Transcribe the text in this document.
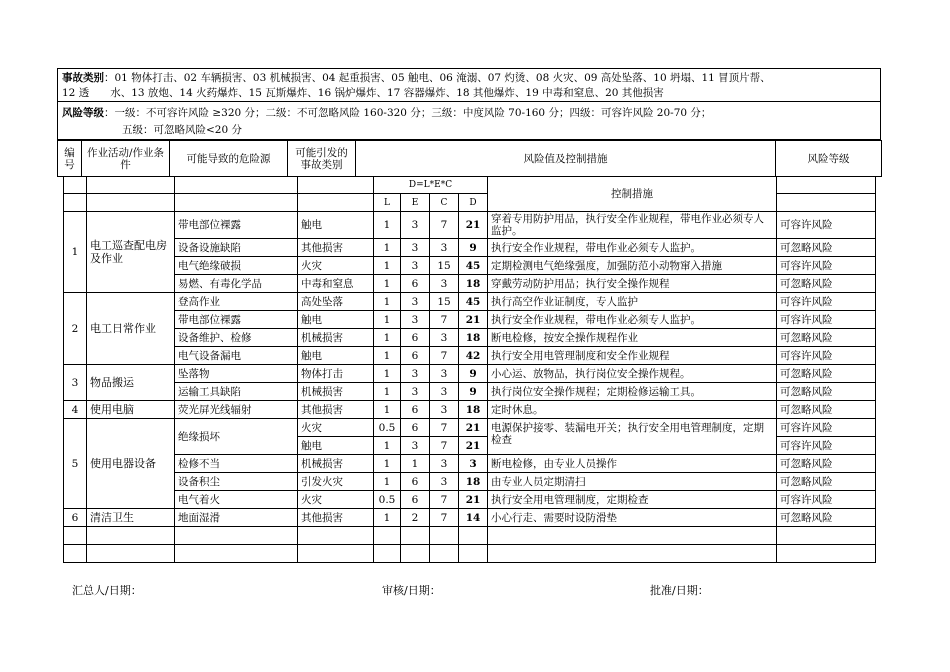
事故类别：01 物体打击、02 车辆损害、03 机械损害、04 起重损害、05 触电、06 淹溺、07 灼烫、08 火灾、09 高处坠落、10 坍塌、11 冒顶片帮、
12 透　　水、13 放炮、14 火药爆炸、15 瓦斯爆炸、16 锅炉爆炸、17 容器爆炸、18 其他爆炸、19 中毒和窒息、20 其他损害
风险等级：一级：不可容许风险 ≥320 分；二级：不可忽略风险 160-320 分；三级：中度风险 70-160 分；四级：可容许风险 20-70 分；
五级：可忽略风险<20 分
编号	作业活动/作业条件	可能导致的危险源	可能引发的事故类别	风险值及控制措施	风险等级
				D=L*E*C				控制措施	
				L	E	C	D		
1	电工巡查配电房及作业	带电部位裸露	触电	1	3	7	21	穿着专用防护用品，执行安全作业规程，带电作业必须专人监护。	可容许风险
		设备设施缺陷	其他损害	1	3	3	9	执行安全作业规程，带电作业必须专人监护。	可忽略风险
		电气绝缘破损	火灾	1	3	15	45	定期检测电气绝缘强度，加强防范小动物窜入措施	可容许风险
		易燃、有毒化学品	中毒和窒息	1	6	3	18	穿戴劳动防护用品；执行安全操作规程	可忽略风险
2	电工日常作业	登高作业	高处坠落	1	3	15	45	执行高空作业证制度，专人监护	可容许风险
		带电部位裸露	触电	1	3	7	21	执行安全作业规程，带电作业必须专人监护。	可容许风险
		设备维护、检修	机械损害	1	6	3	18	断电检修，按安全操作规程作业	可忽略风险
		电气设备漏电	触电	1	6	7	42	执行安全用电管理制度和安全作业规程	可容许风险
3	物品搬运	坠落物	物体打击	1	3	3	9	小心运、放物品，执行岗位安全操作规程。	可忽略风险
		运输工具缺陷	机械损害	1	3	3	9	执行岗位安全操作规程；定期检修运输工具。	可忽略风险
4	使用电脑	荧光屏光线辐射	其他损害	1	6	3	18	定时休息。	可忽略风险
5	使用电器设备	绝缘损坏	火灾	0.5	6	7	21	电源保护接零、装漏电开关；执行安全用电管理制度，定期检查	可容许风险
			触电	1	3	7	21		可容许风险
		检修不当	机械损害	1	1	3	3	断电检修，由专业人员操作	可忽略风险
		设备积尘	引发火灾	1	6	3	18	由专业人员定期清扫	可忽略风险
		电气着火	火灾	0.5	6	7	21	执行安全用电管理制度，定期检查	可容许风险
6	清洁卫生	地面湿滑	其他损害	1	2	7	14	小心行走、需要时设防滑垫	可忽略风险

汇总人/日期：	审核/日期：	批准/日期：
